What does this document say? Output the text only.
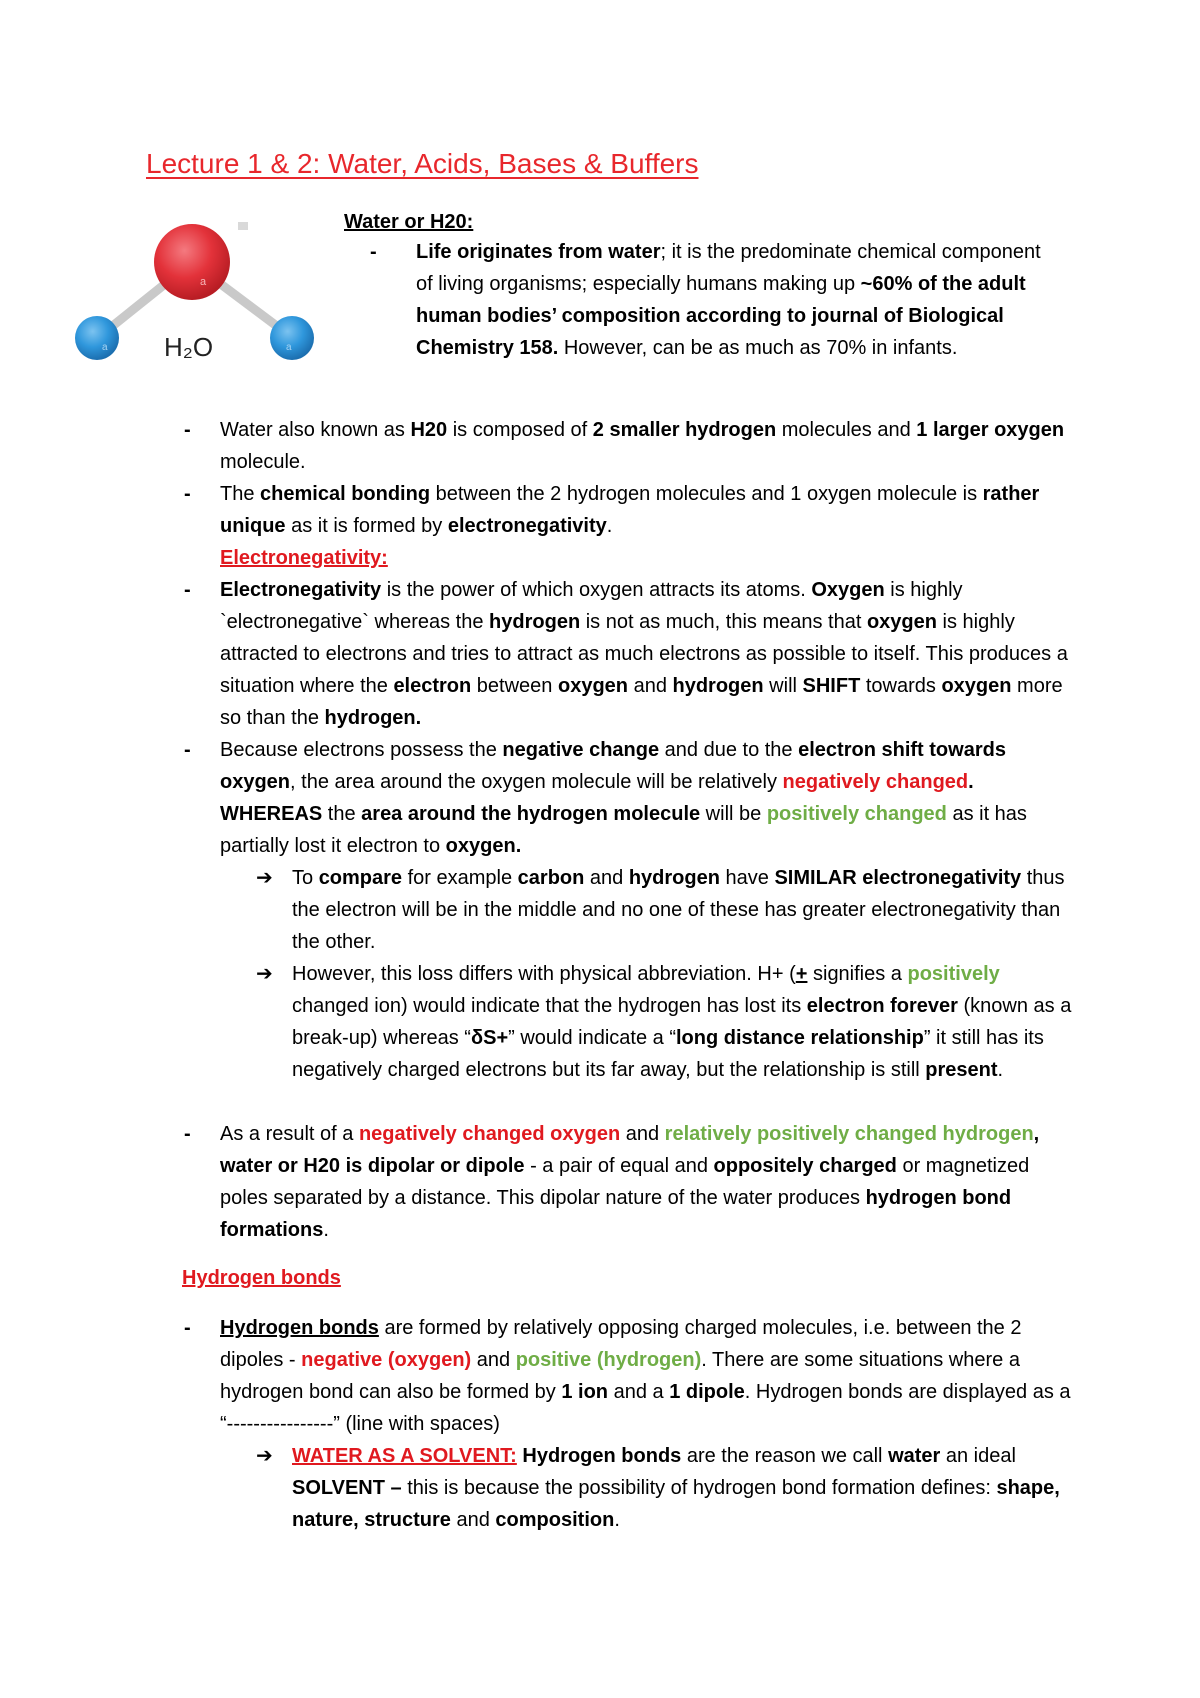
Lecture 1 & 2: Water, Acids, Bases & Buffers
a
a	a
H₂O
Water or H20:
- Life originates from water; it is the predominate chemical component of living organisms; especially humans making up ~60% of the adult human bodies’ composition according to journal of Biological Chemistry 158. However, can be as much as 70% in infants.
- Water also known as H20 is composed of 2 smaller hydrogen molecules and 1 larger oxygen molecule.
- The chemical bonding between the 2 hydrogen molecules and 1 oxygen molecule is rather unique as it is formed by electronegativity.
Electronegativity:
- Electronegativity is the power of which oxygen attracts its atoms. Oxygen is highly `electronegative` whereas the hydrogen is not as much, this means that oxygen is highly attracted to electrons and tries to attract as much electrons as possible to itself. This produces a situation where the electron between oxygen and hydrogen will SHIFT towards oxygen more so than the hydrogen.
- Because electrons possess the negative change and due to the electron shift towards oxygen, the area around the oxygen molecule will be relatively negatively changed. WHEREAS the area around the hydrogen molecule will be positively changed as it has partially lost it electron to oxygen.
➔ To compare for example carbon and hydrogen have SIMILAR electronegativity thus the electron will be in the middle and no one of these has greater electronegativity than the other.
➔ However, this loss differs with physical abbreviation. H+ (+ signifies a positively changed ion) would indicate that the hydrogen has lost its electron forever (known as a break-up) whereas “δS+” would indicate a “long distance relationship” it still has its negatively charged electrons but its far away, but the relationship is still present.
- As a result of a negatively changed oxygen and relatively positively changed hydrogen, water or H20 is dipolar or dipole - a pair of equal and oppositely charged or magnetized poles separated by a distance. This dipolar nature of the water produces hydrogen bond formations.
Hydrogen bonds
- Hydrogen bonds are formed by relatively opposing charged molecules, i.e. between the 2 dipoles - negative (oxygen) and positive (hydrogen). There are some situations where a hydrogen bond can also be formed by 1 ion and a 1 dipole. Hydrogen bonds are displayed as a “----------------” (line with spaces)
➔ WATER AS A SOLVENT: Hydrogen bonds are the reason we call water an ideal SOLVENT – this is because the possibility of hydrogen bond formation defines: shape, nature, structure and composition.
